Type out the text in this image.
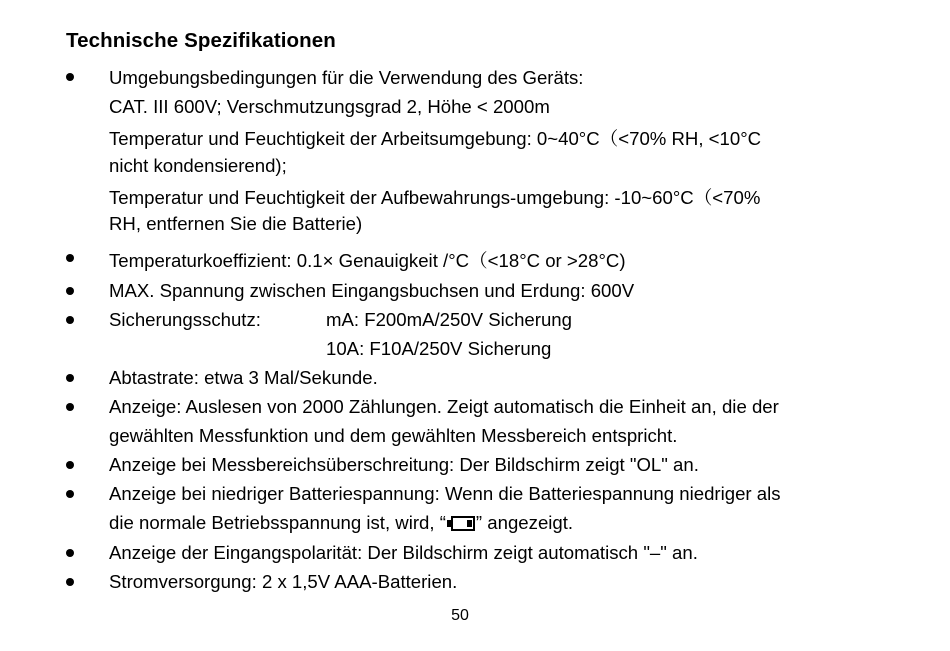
Technische Spezifikationen
Umgebungsbedingungen für die Verwendung des Geräts:
CAT. III 600V; Verschmutzungsgrad 2, Höhe < 2000m
Temperatur und Feuchtigkeit der Arbeitsumgebung: 0~40°C（<70% RH, <10°C
nicht kondensierend);
Temperatur und Feuchtigkeit der Aufbewahrungs-umgebung: -10~60°C（<70%
RH, entfernen Sie die Batterie)
Temperaturkoeffizient: 0.1× Genauigkeit /°C（<18°C or >28°C)
MAX. Spannung zwischen Eingangsbuchsen und Erdung: 600V
Sicherungsschutz:	mA: F200mA/250V Sicherung
10A: F10A/250V Sicherung
Abtastrate: etwa 3 Mal/Sekunde.
Anzeige: Auslesen von 2000 Zählungen. Zeigt automatisch die Einheit an, die der
gewählten Messfunktion und dem gewählten Messbereich entspricht.
Anzeige bei Messbereichsüberschreitung: Der Bildschirm zeigt "OL" an.
Anzeige bei niedriger Batteriespannung: Wenn die Batteriespannung niedriger als
die normale Betriebsspannung ist, wird, “ ” angezeigt.
Anzeige der Eingangspolarität: Der Bildschirm zeigt automatisch "–" an.
Stromversorgung: 2 x 1,5V AAA-Batterien.
50
